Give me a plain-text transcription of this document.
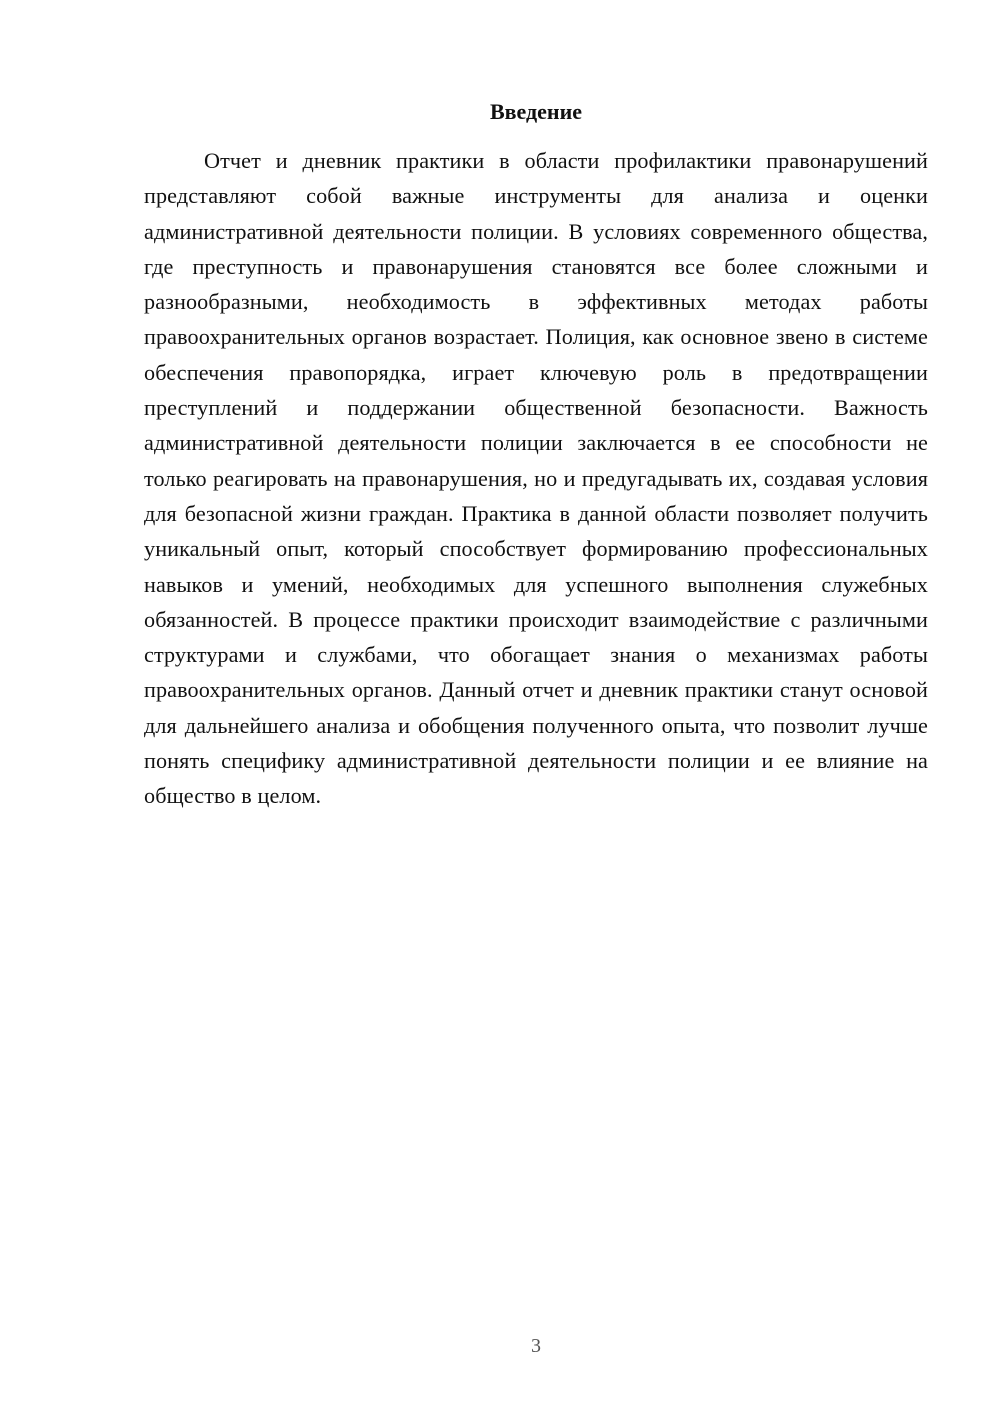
Введение

Отчет и дневник практики в области профилактики правонарушений представляют собой важные инструменты для анализа и оценки административной деятельности полиции. В условиях современного общества, где преступность и правонарушения становятся все более сложными и разнообразными, необходимость в эффективных методах работы правоохранительных органов возрастает. Полиция, как основное звено в системе обеспечения правопорядка, играет ключевую роль в предотвращении преступлений и поддержании общественной безопасности. Важность административной деятельности полиции заключается в ее способности не только реагировать на правонарушения, но и предугадывать их, создавая условия для безопасной жизни граждан. Практика в данной области позволяет получить уникальный опыт, который способствует формированию профессиональных навыков и умений, необходимых для успешного выполнения служебных обязанностей. В процессе практики происходит взаимодействие с различными структурами и службами, что обогащает знания о механизмах работы правоохранительных органов. Данный отчет и дневник практики станут основой для дальнейшего анализа и обобщения полученного опыта, что позволит лучше понять специфику административной деятельности полиции и ее влияние на общество в целом.

3
